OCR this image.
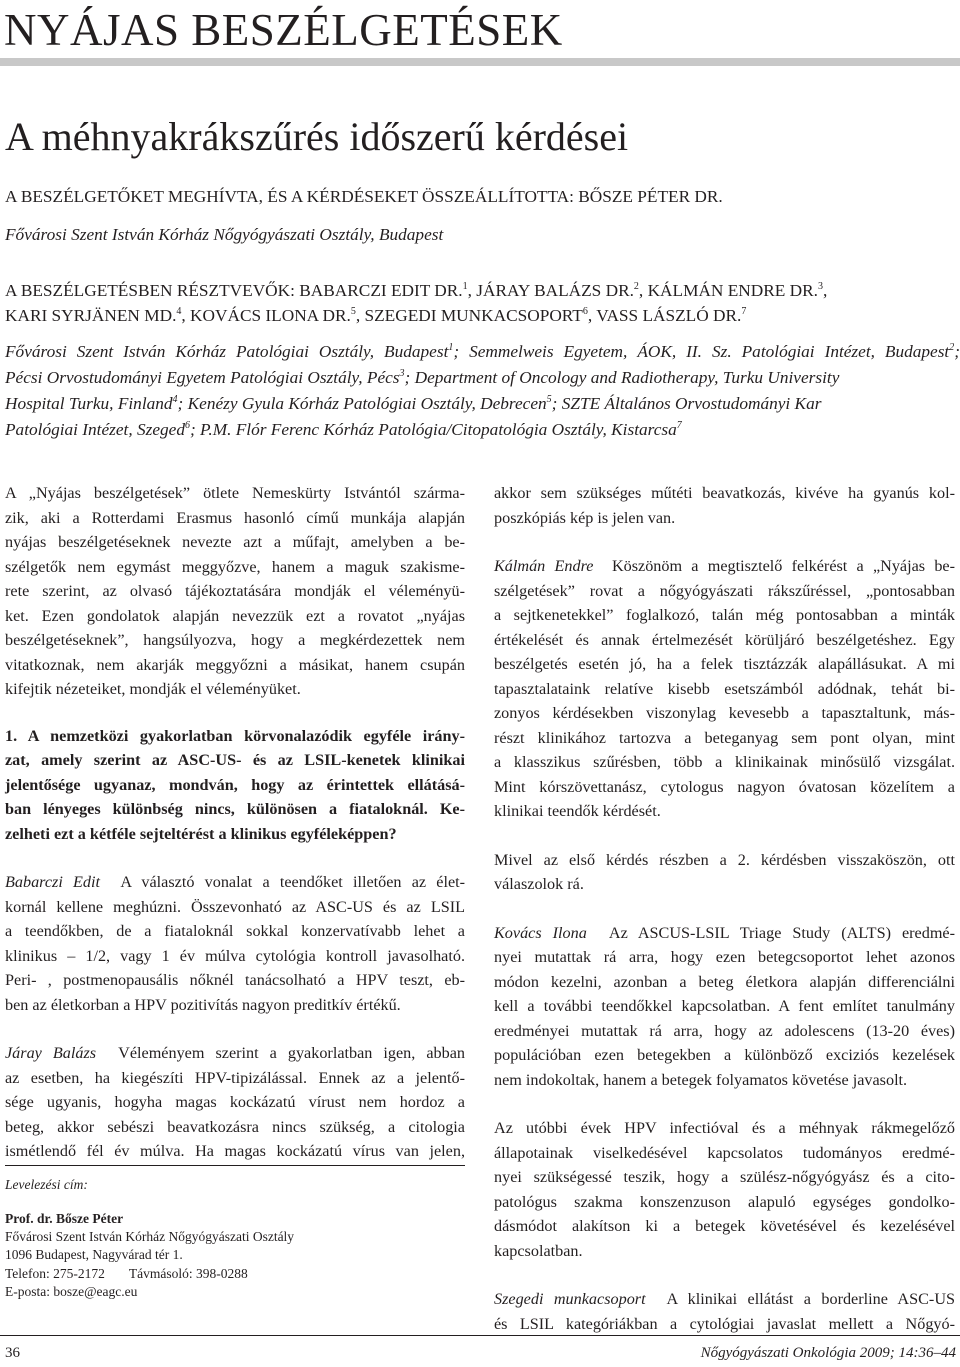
NYÁJAS BESZÉLGETÉSEK
A méhnyakrákszűrés időszerű kérdései
A BESZÉLGETŐKET MEGHÍVTA, ÉS A KÉRDÉSEKET ÖSSZEÁLLÍTOTTA: BŐSZE PÉTER DR.
Fővárosi Szent István Kórház Nőgyógyászati Osztály, Budapest
A BESZÉLGETÉSBEN RÉSZTVEVŐK: BABARCZI EDIT DR.$^1$, JÁRAY BALÁZS DR.$^2$, KÁLMÁN ENDRE DR.$^3$,
KARI SYRJÄNEN MD.$^4$, KOVÁCS ILONA DR.$^5$, SZEGEDI MUNKACSOPORT$^6$, VASS LÁSZLÓ DR.$^7$
Fővárosi Szent István Kórház Patológiai Osztály, Budapest$^1$; Semmelweis Egyetem, ÁOK, II. Sz. Patológiai Intézet, Budapest$^2$;
Pécsi Orvostudományi Egyetem Patológiai Osztály, Pécs$^3$; Department of Oncology and Radiotherapy, Turku University
Hospital Turku, Finland$^4$; Kenézy Gyula Kórház Patológiai Osztály, Debrecen$^5$; SZTE Általános Orvostudományi Kar
Patológiai Intézet, Szeged$^6$; P.M. Flór Ferenc Kórház Patológia/Citopatológia Osztály, Kistarcsa$^7$
A „Nyájas beszélgetések” ötlete Nemeskürty Istvántól szárma-
zik, aki a Rotterdami Erasmus hasonló című munkája alapján
nyájas beszélgetéseknek nevezte azt a műfajt, amelyben a be-
szélgetők nem egymást meggyőzve, hanem a maguk szakisme-
rete szerint, az olvasó tájékoztatására mondják el véleményü-
ket. Ezen gondolatok alapján nevezzük ezt a rovatot „nyájas
beszélgetéseknek”, hangsúlyozva, hogy a megkérdezettek nem
vitatkoznak, nem akarják meggyőzni a másikat, hanem csupán
kifejtik nézeteiket, mondják el véleményüket.
1. A nemzetközi gyakorlatban körvonalazódik egyféle irány-
zat, amely szerint az ASC-US- és az LSIL-kenetek klinikai
jelentősége ugyanaz, mondván, hogy az érintettek ellátásá-
ban lényeges különbség nincs, különösen a fiataloknál. Ke-
zelheti ezt a kétféle sejteltérést a klinikus egyféleképpen?
Babarczi Edit A választó vonalat a teendőket illetően az élet-
kornál kellene meghúzni. Összevonható az ASC-US és az LSIL
a teendőkben, de a fiataloknál sokkal konzervatívabb lehet a
klinikus – 1/2, vagy 1 év múlva cytológia kontroll javasolható.
Peri- , postmenopausális nőknél tanácsolható a HPV teszt, eb-
ben az életkorban a HPV pozitivítás nagyon preditkív értékű.
Járay Balázs Véleményem szerint a gyakorlatban igen, abban
az esetben, ha kiegészíti HPV-tipizálással. Ennek az a jelentő-
sége ugyanis, hogyha magas kockázatú vírust nem hordoz a
beteg, akkor sebészi beavatkozásra nincs szükség, a citologia
ismétlendő fél év múlva. Ha magas kockázatú vírus van jelen,
akkor sem szükséges műtéti beavatkozás, kivéve ha gyanús kol-
poszkópiás kép is jelen van.
Kálmán Endre Köszönöm a megtisztelő felkérést a „Nyájas be-
szélgetések” rovat a nőgyógyászati rákszűréssel, „pontosabban
a sejtkenetekkel” foglalkozó, talán még pontosabban a minták
értékelését és annak értelmezését körüljáró beszélgetéshez. Egy
beszélgetés esetén jó, ha a felek tisztázzák alapállásukat. A mi
tapasztalataink relatíve kisebb esetszámból adódnak, tehát bi-
zonyos kérdésekben viszonylag kevesebb a tapasztaltunk, más-
részt klinikához tartozva a beteganyag sem pont olyan, mint
a klasszikus szűrésben, több a klinikainak minősülő vizsgálat.
Mint kórszövettanász, cytologus nagyon óvatosan közelítem a
klinikai teendők kérdését.
Mivel az első kérdés részben a 2. kérdésben visszaköszön, ott
válaszolok rá.
Kovács Ilona Az ASCUS-LSIL Triage Study (ALTS) eredmé-
nyei mutattak rá arra, hogy ezen betegcsoportot lehet azonos
módon kezelni, azonban a beteg életkora alapján differenciálni
kell a további teendőkkel kapcsolatban. A fent említet tanulmány
eredményei mutattak rá arra, hogy az adolescens (13-20 éves)
populációban ezen betegekben a különböző exciziós kezelések
nem indokoltak, hanem a betegek folyamatos követése javasolt.
Az utóbbi évek HPV infectióval és a méhnyak rákmegelőző
állapotainak viselkedésével kapcsolatos tudományos eredmé-
nyei szükségessé teszik, hogy a szülész-nőgyógyász és a cito-
patológus szakma konszenzuson alapuló egységes gondolko-
dásmódot alakítson ki a betegek követésével és kezelésével
kapcsolatban.
Szegedi munkacsoport A klinikai ellátást a borderline ASC-US
és LSIL kategóriákban a cytológiai javaslat mellett a Nőgyó-
Levelezési cím:
Prof. dr. Bősze Péter
Fővárosi Szent István Kórház Nőgyógyászati Osztály
1096 Budapest, Nagyvárad tér 1.
Telefon: 275-2172 Távmásoló: 398-0288
E-posta: bosze@eagc.eu
36	Nőgyógyászati Onkológia 2009; 14:36–44
